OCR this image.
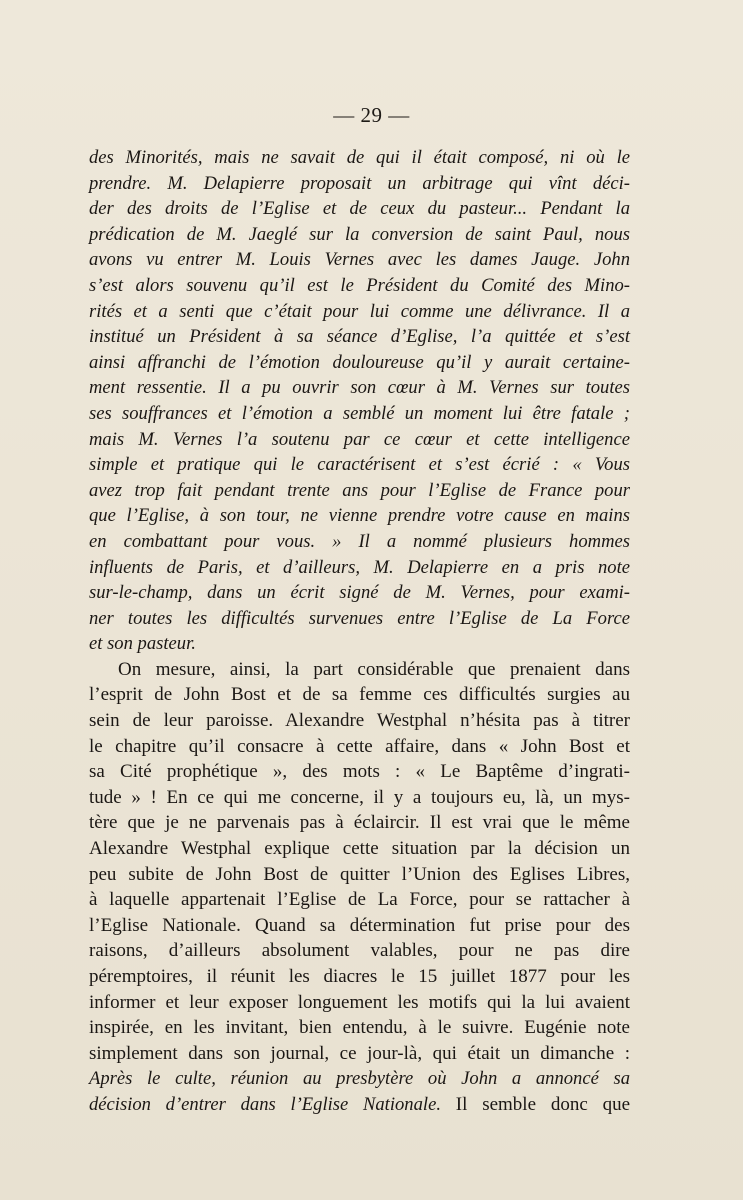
— 29 —
des Minorités, mais ne savait de qui il était composé, ni où le
prendre. M. Delapierre proposait un arbitrage qui vînt déci-
der des droits de l’Eglise et de ceux du pasteur... Pendant la
prédication de M. Jaeglé sur la conversion de saint Paul, nous
avons vu entrer M. Louis Vernes avec les dames Jauge. John
s’est alors souvenu qu’il est le Président du Comité des Mino-
rités et a senti que c’était pour lui comme une délivrance. Il a
institué un Président à sa séance d’Eglise, l’a quittée et s’est
ainsi affranchi de l’émotion douloureuse qu’il y aurait certaine-
ment ressentie. Il a pu ouvrir son cœur à M. Vernes sur toutes
ses souffrances et l’émotion a semblé un moment lui être fatale ;
mais M. Vernes l’a soutenu par ce cœur et cette intelligence
simple et pratique qui le caractérisent et s’est écrié : « Vous
avez trop fait pendant trente ans pour l’Eglise de France pour
que l’Eglise, à son tour, ne vienne prendre votre cause en mains
en combattant pour vous. » Il a nommé plusieurs hommes
influents de Paris, et d’ailleurs, M. Delapierre en a pris note
sur-le-champ, dans un écrit signé de M. Vernes, pour exami-
ner toutes les difficultés survenues entre l’Eglise de La Force
et son pasteur.
On mesure, ainsi, la part considérable que prenaient dans
l’esprit de John Bost et de sa femme ces difficultés surgies au
sein de leur paroisse. Alexandre Westphal n’hésita pas à titrer
le chapitre qu’il consacre à cette affaire, dans « John Bost et
sa Cité prophétique », des mots : « Le Baptême d’ingrati-
tude » ! En ce qui me concerne, il y a toujours eu, là, un mys-
tère que je ne parvenais pas à éclaircir. Il est vrai que le même
Alexandre Westphal explique cette situation par la décision un
peu subite de John Bost de quitter l’Union des Eglises Libres,
à laquelle appartenait l’Eglise de La Force, pour se rattacher à
l’Eglise Nationale. Quand sa détermination fut prise pour des
raisons, d’ailleurs absolument valables, pour ne pas dire
péremptoires, il réunit les diacres le 15 juillet 1877 pour les
informer et leur exposer longuement les motifs qui la lui avaient
inspirée, en les invitant, bien entendu, à le suivre. Eugénie note
simplement dans son journal, ce jour-là, qui était un dimanche :
Après le culte, réunion au presbytère où John a annoncé sa
décision d’entrer dans l’Eglise Nationale. Il semble donc que
